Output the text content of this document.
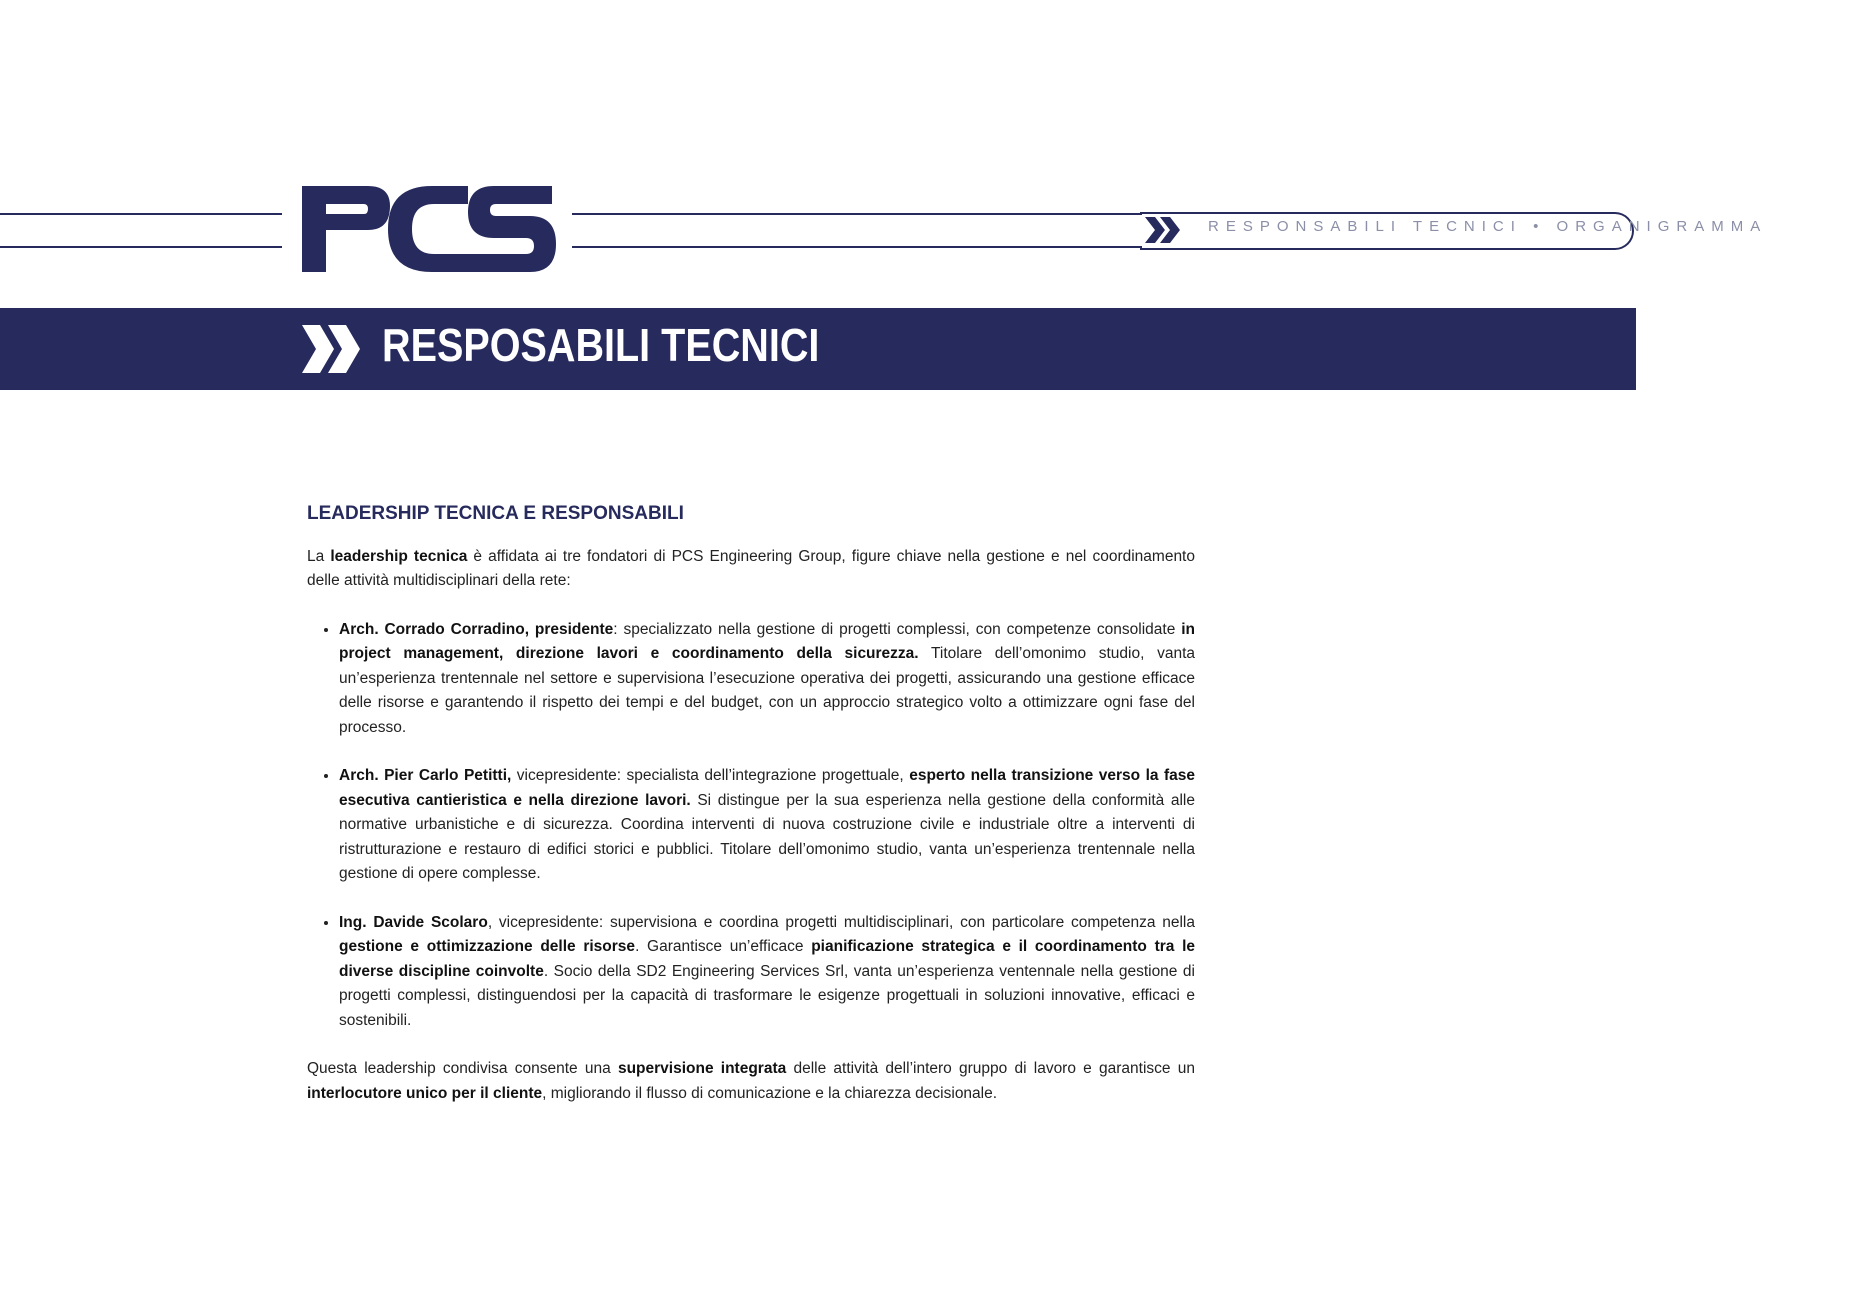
RESPONSABILI TECNICI • ORGANIGRAMMA
RESPOSABILI TECNICI
LEADERSHIP TECNICA E RESPONSABILI

La leadership tecnica è affidata ai tre fondatori di PCS Engineering Group, figure chiave nella gestione e nel coordinamento delle attività multidisciplinari della rete:

• Arch. Corrado Corradino, presidente: specializzato nella gestione di progetti complessi, con competenze consolidate in project management, direzione lavori e coordinamento della sicurezza. Titolare dell’omonimo studio, vanta un’esperienza trentennale nel settore e supervisiona l’esecuzione operativa dei progetti, assicurando una gestione efficace delle risorse e garantendo il rispetto dei tempi e del budget, con un approccio strategico volto a ottimizzare ogni fase del processo.
• Arch. Pier Carlo Petitti, vicepresidente: specialista dell’integrazione progettuale, esperto nella transizione verso la fase esecutiva cantieristica e nella direzione lavori. Si distingue per la sua esperienza nella gestione della conformità alle normative urbanistiche e di sicurezza. Coordina interventi di nuova costruzione civile e industriale oltre a interventi di ristrutturazione e restauro di edifici storici e pubblici. Titolare dell’omonimo studio, vanta un’esperienza trentennale nella gestione di opere complesse.
• Ing. Davide Scolaro, vicepresidente: supervisiona e coordina progetti multidisciplinari, con particolare competenza nella gestione e ottimizzazione delle risorse. Garantisce un’efficace pianificazione strategica e il coordinamento tra le diverse discipline coinvolte. Socio della SD2 Engineering Services Srl, vanta un’esperienza ventennale nella gestione di progetti complessi, distinguendosi per la capacità di trasformare le esigenze progettuali in soluzioni innovative, efficaci e sostenibili.

Questa leadership condivisa consente una supervisione integrata delle attività dell’intero gruppo di lavoro e garantisce un interlocutore unico per il cliente, migliorando il flusso di comunicazione e la chiarezza decisionale.
